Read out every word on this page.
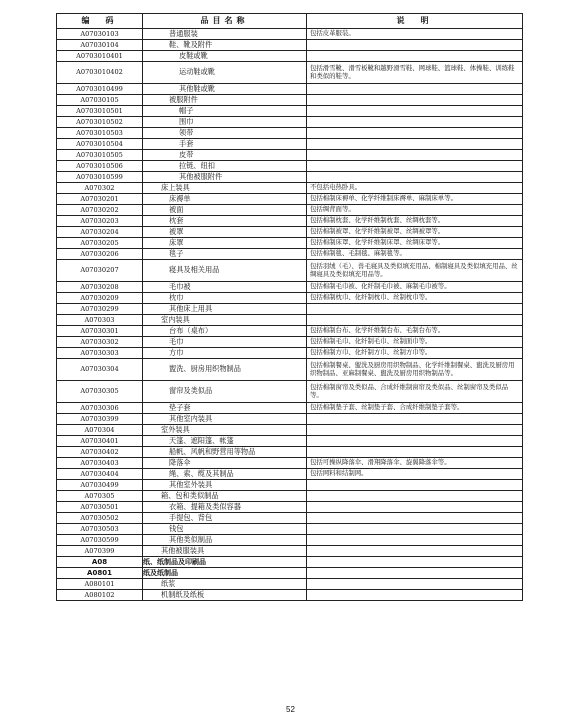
编　码	品目名称	说　明
A07030103	普通服装	包括皮革服装。
A07030104	鞋、靴及附件	
A0703010401	皮鞋或靴	
A0703010402	运动鞋或靴	包括滑雪靴、滑雪板靴和越野滑雪鞋、网球鞋、篮球鞋、体操鞋、训练鞋和类似的鞋等。
A0703010499	其他鞋或靴	
A07030105	被服附件	
A0703010501	帽子	
A0703010502	围巾	
A0703010503	领带	
A0703010504	手套	
A0703010505	皮带	
A0703010506	拉链、纽扣	
A0703010599	其他被服附件	
A070302	床上装具	不包括电热卧具。
A07030201	床褥单	包括棉制床褥单、化学纤维制床褥单、麻制床单等。
A07030202	被面	包括绸背面等。
A07030203	枕套	包括棉制枕套、化学纤维制枕套、丝绸枕套等。
A07030204	被罩	包括棉制被罩、化学纤维制被罩、丝绸被罩等。
A07030205	床罩	包括棉制床罩、化学纤维制床罩、丝绸床罩等。
A07030206	毯子	包括棉制毯、毛制毯、麻制毯等。
A07030207	寝具及相关用品	包括羽绒（毛）、兽毛寝具及类似填充用品、棉制寝具及类似填充用品、丝绸寝具及类似填充用品等。
A07030208	毛巾被	包括棉制毛巾被、化纤制毛巾被、麻制毛巾被等。
A07030209	枕巾	包括棉制枕巾、化纤制枕巾、丝制枕巾等。
A07030299	其他床上用具	
A070303	室内装具	
A07030301	台布（桌布）	包括棉制台布、化学纤维制台布、毛制台布等。
A07030302	毛巾	包括棉制毛巾、化纤制毛巾、丝制面巾等。
A07030303	方巾	包括棉制方巾、化纤制方巾、丝制方巾等。
A07030304	盥洗、厨房用织物制品	包括棉制餐桌、盥洗及厨房用织物制品、化学纤维制餐桌、盥洗及厨房用织物制品、亚麻制餐桌、盥洗及厨房用织物制品等。
A07030305	窗帘及类似品	包括棉制窗帘及类似品、合成纤维制窗帘及类似品、丝制窗帘及类似品等。
A07030306	垫子套	包括棉制垫子套、丝制垫子套、合成纤维制垫子套等。
A07030399	其他室内装具	
A070304	室外装具	
A07030401	天篷、遮阳篷、帐篷	
A07030402	船帆、风帆和野营用等物品	
A07030403	降落伞	包括可操纵降落伞、滑翔降落伞、旋翼降落伞等。
A07030404	绳、索、缆及其制品	包括网料和结制网。
A07030499	其他室外装具	
A070305	箱、包和类似制品	
A07030501	衣箱、提箱及类似容器	
A07030502	手提包、背包	
A07030503	钱包	
A07030599	其他类似制品	
A070399	其他被服装具	
A08	纸、纸制品及印刷品	
A0801	纸及纸制品	
A080101	纸浆	
A080102	机制纸及纸板	
52
